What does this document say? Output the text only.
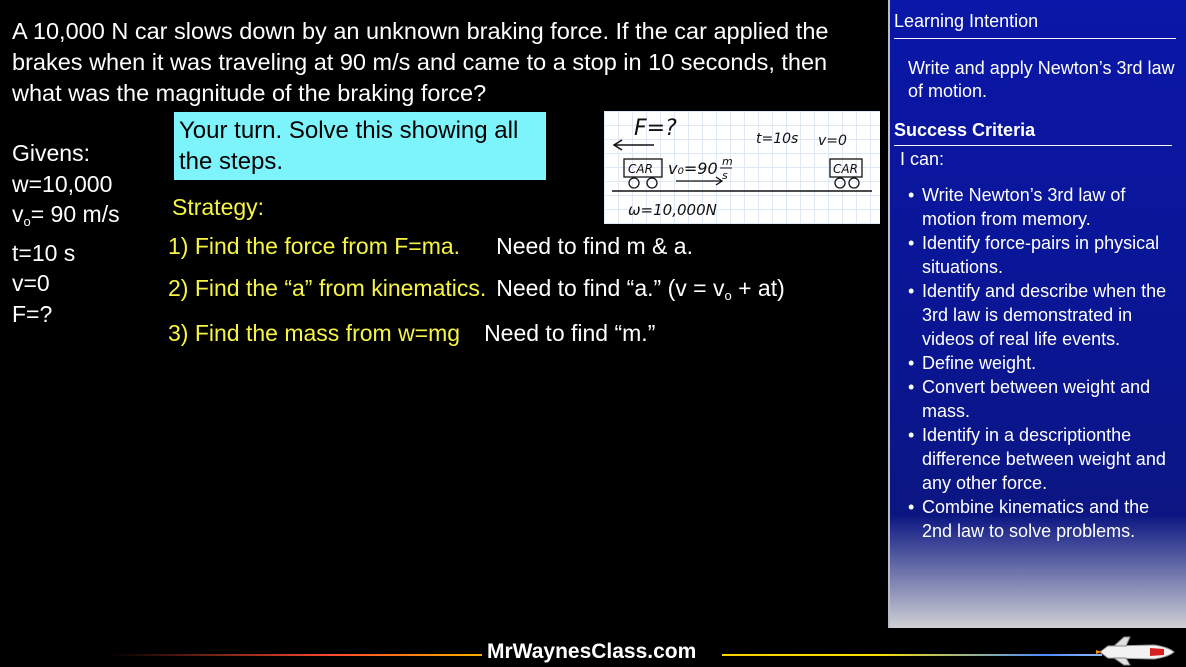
A 10,000 N car slows down by an unknown braking force. If the car applied the brakes when it was traveling at 90 m/s and came to a stop in 10 seconds, then what was the magnitude of the braking force?
Givens:
w=10,000
$v_o= 90$ m/s
t=10 s
v=0
F=?
Your turn. Solve this showing all the steps.
Strategy:
1) Find the force from F=ma. Need to find m & a.
2) Find the “a” from kinematics. Need to find “a.” $(v = v_o + at)$
3) Find the mass from w=mg Need to find “m.”
F=?	t=10s v=0
CAR v₀=90 m
s	CAR
ω=10,000N
Learning Intention
Write and apply Newton’s 3rd law of motion.
Success Criteria
I can:
• Write Newton’s 3rd law of motion from memory.
• Identify force-pairs in physical situations.
• Identify and describe when the 3rd law is demonstrated in videos of real life events.
• Define weight.
• Convert between weight and mass.
• Identify in a descriptionthe difference between weight and any other force.
• Combine kinematics and the 2nd law to solve problems.
MrWaynesClass.com
